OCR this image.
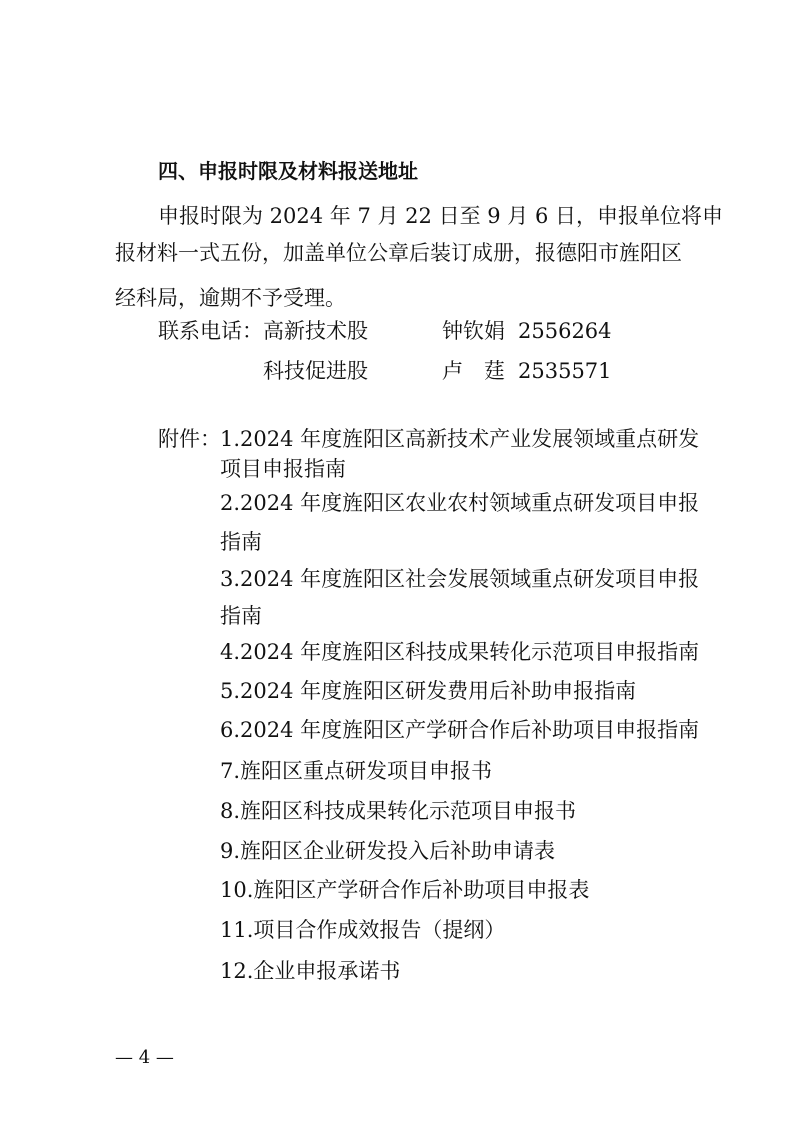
四、申报时限及材料报送地址
申报时限为 2024 年 7 月 22 日至 9 月 6 日，申报单位将申
报材料一式五份，加盖单位公章后装订成册，报德阳市旌阳区
经科局，逾期不予受理。
联系电话： 高新技术股	钟钦娟 2556264
科技促进股	卢　莛 2535571
附件： 1.2024 年度旌阳区高新技术产业发展领域重点研发
项目申报指南
2.2024 年度旌阳区农业农村领域重点研发项目申报
指南
3.2024 年度旌阳区社会发展领域重点研发项目申报
指南
4.2024 年度旌阳区科技成果转化示范项目申报指南
5.2024 年度旌阳区研发费用后补助申报指南
6.2024 年度旌阳区产学研合作后补助项目申报指南
7.旌阳区重点研发项目申报书
8.旌阳区科技成果转化示范项目申报书
9.旌阳区企业研发投入后补助申请表
10.旌阳区产学研合作后补助项目申报表
11.项目合作成效报告（提纲）
12.企业申报承诺书
— 4 —
